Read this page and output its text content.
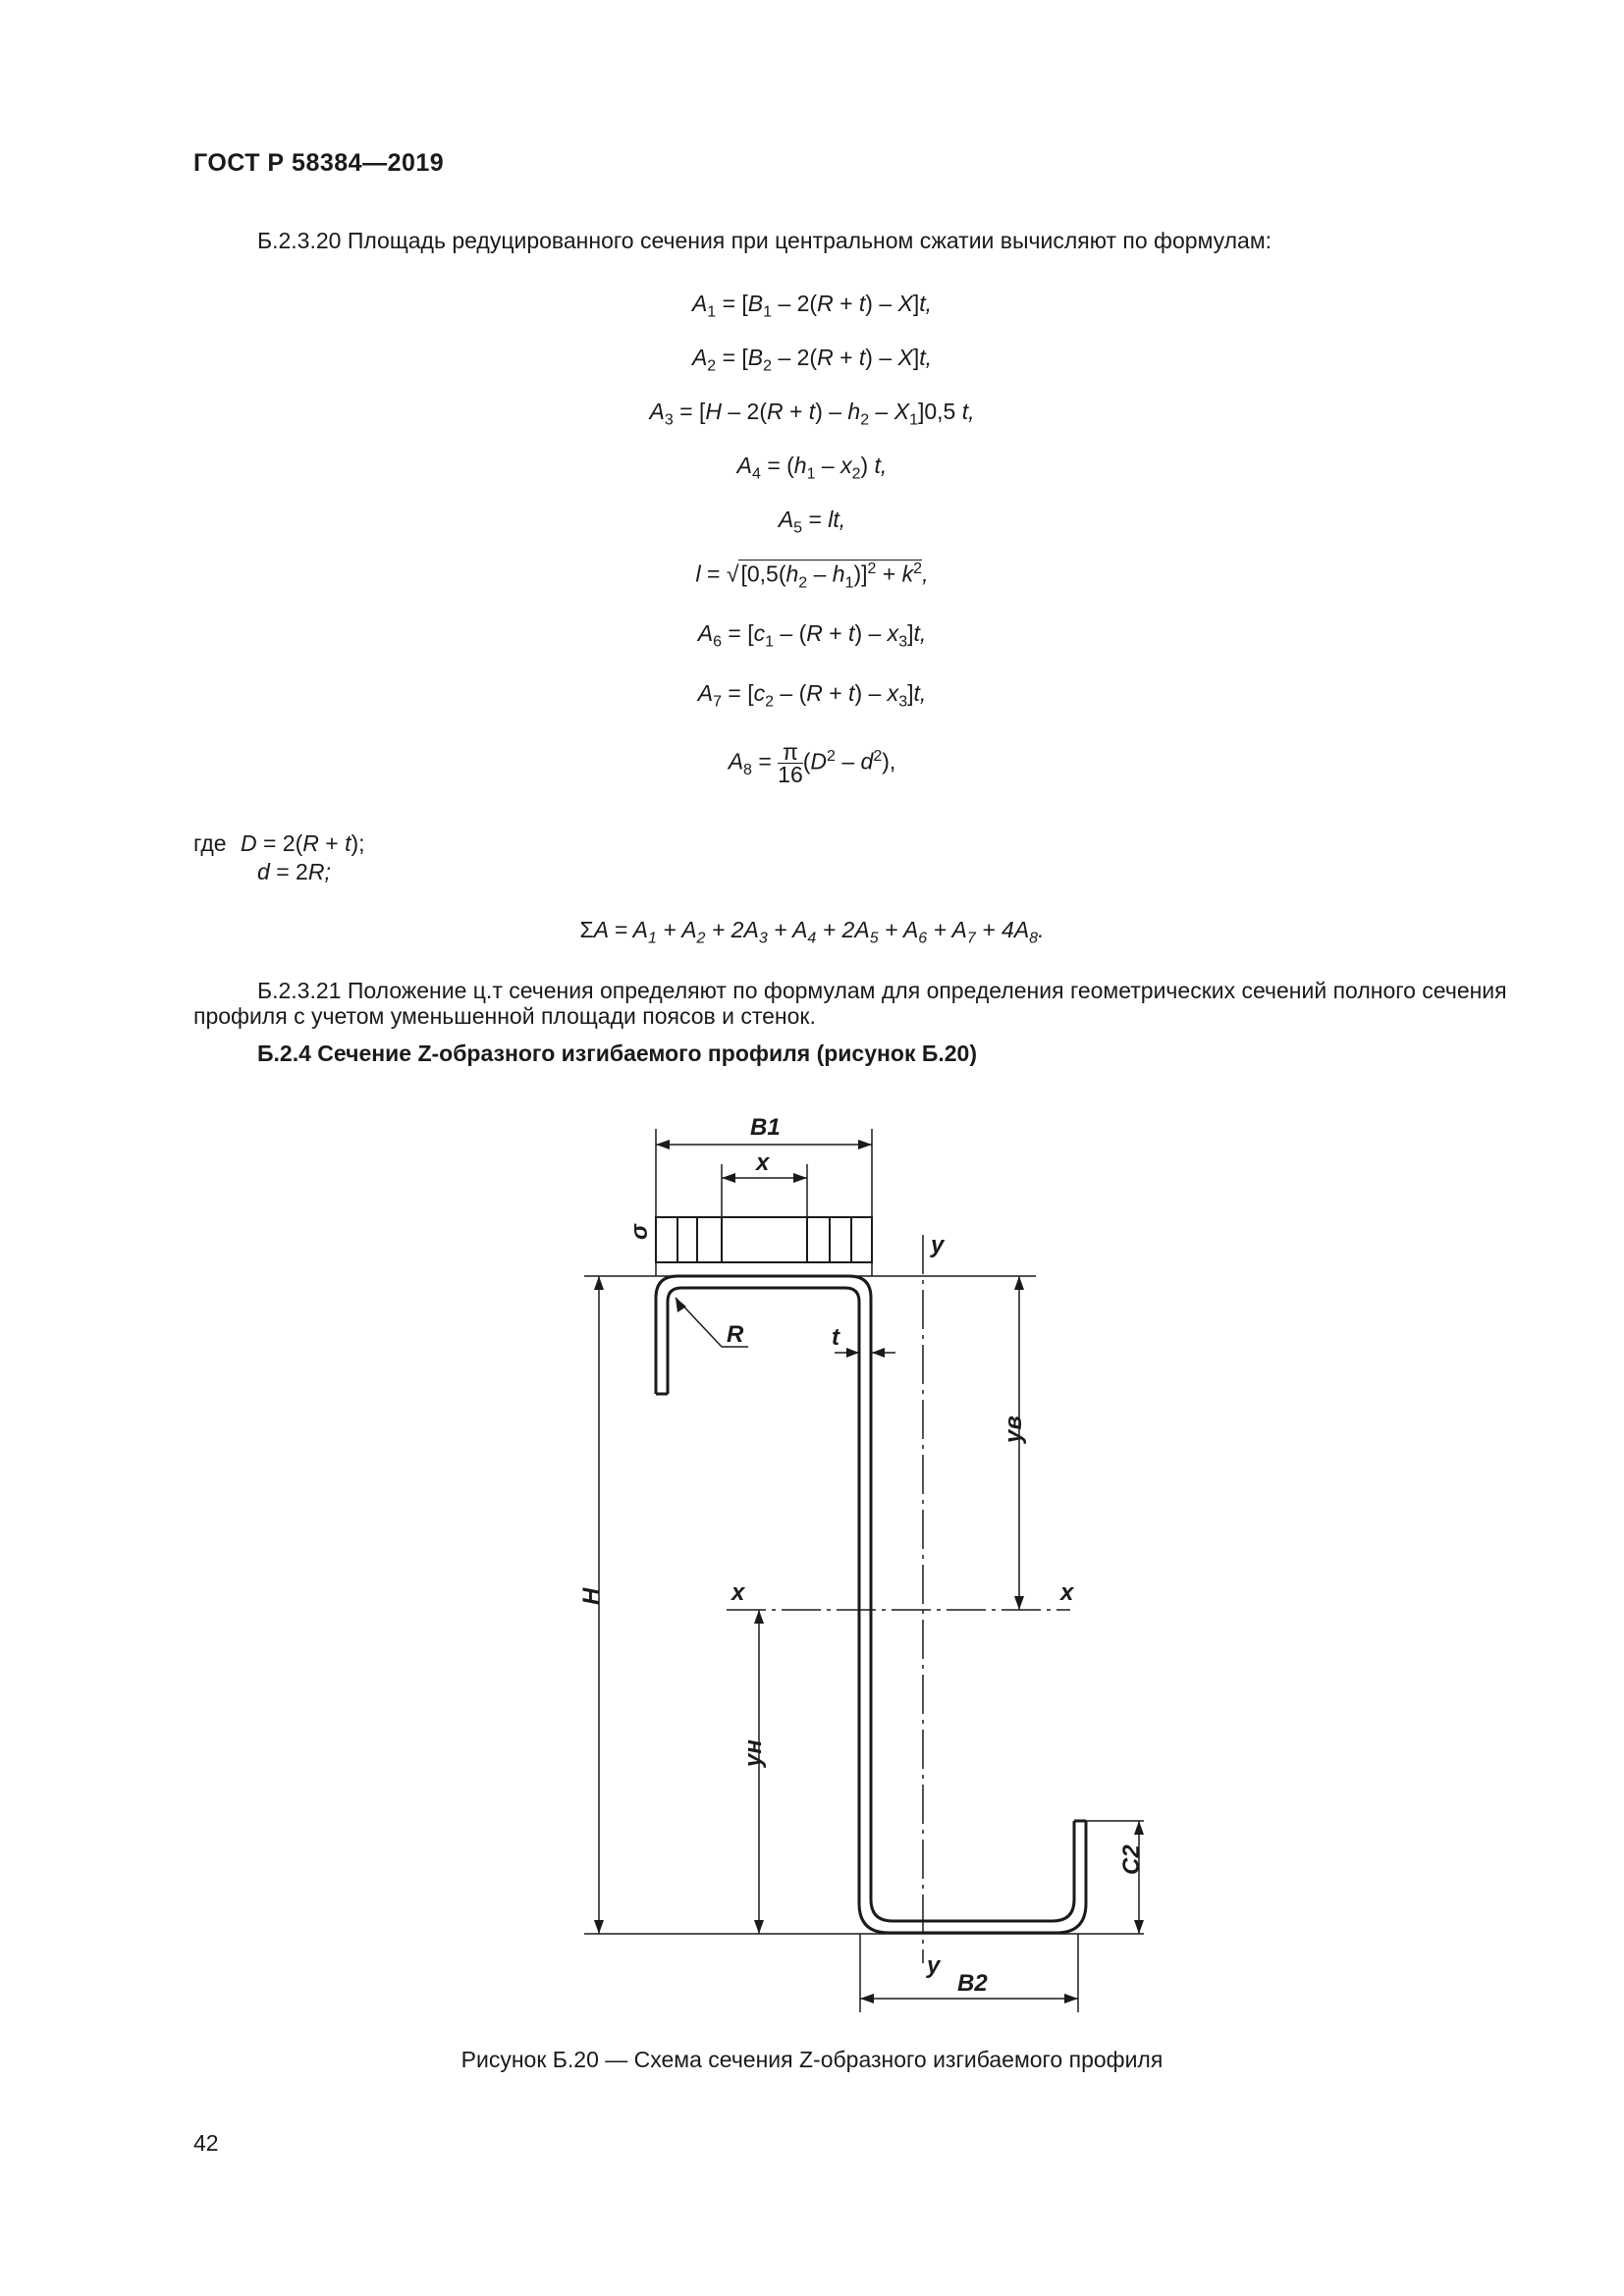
ГОСТ Р 58384—2019
Б.2.3.20 Площадь редуцированного сечения при центральном сжатии вычисляют по формулам:
$A_1 = [B_1 - 2(R + t) - X]t$,
$A_2 = [B_2 - 2(R + t) - X]t$,
$A_3 = [H - 2(R + t) - h_2 - X_1]0,5$ t,
$A_4 = (h_1 - x_2)$ t,
$A_5$ = lt,
$l = √[0,5(h_2 - h_1)]^2 + k^2$,
$A_6 = [c_1 - (R + t) - x_3]t$,
$A_7 = [c_2 - (R + t) - x_3]t$,
$A_8 = \frac{\pi}{16} (D^2 - d^2)$,
где D = 2(R + t);
d = 2R;
$\Sigma A = A_1 + A_2 + 2A_3 + A_4 + 2A_5 + A_6 + A_7 + 4A_8$.
Б.2.3.21 Положение ц.т сечения определяют по формулам для определения геометрических сечений полного сечения профиля с учетом уменьшенной площади поясов и стенок.
Б.2.4 Сечение Z-образного изгибаемого профиля (рисунок Б.20)
B1
x
σ	y
R	t
yв
H	x	x
yн
C2
y
B2
Рисунок Б.20 — Схема сечения Z-образного изгибаемого профиля
42
